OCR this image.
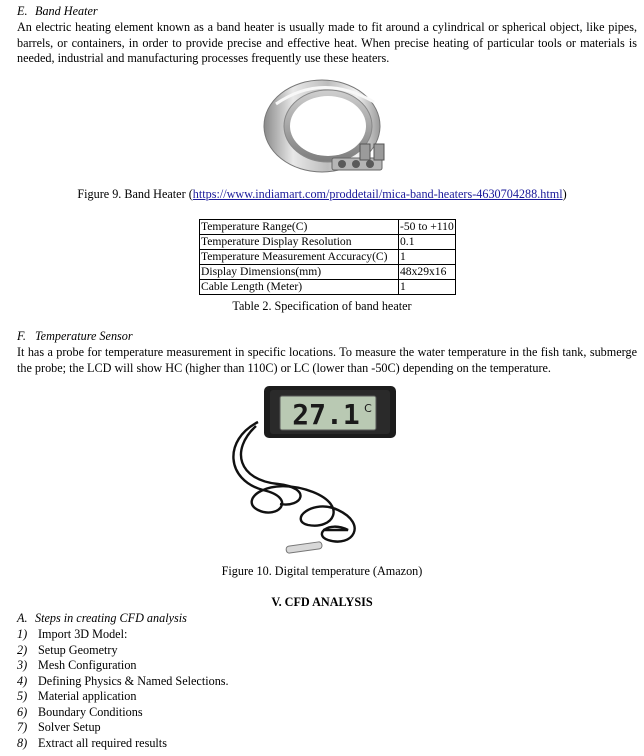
E. Band Heater
An electric heating element known as a band heater is usually made to fit around a cylindrical or spherical object, like pipes, barrels, or containers, in order to provide precise and effective heat. When precise heating of particular tools or materials is needed, industrial and manufacturing processes frequently use these heaters.
Figure 9. Band Heater (https://www.indiamart.com/proddetail/mica-band-heaters-4630704288.html)
Temperature Range(C)	-50 to +110
Temperature Display Resolution	0.1
Temperature Measurement Accuracy(C)	1
Display Dimensions(mm)	48x29x16
Cable Length (Meter)	1
Table 2. Specification of band heater
F. Temperature Sensor
It has a probe for temperature measurement in specific locations. To measure the water temperature in the fish tank, submerge the probe; the LCD will show HC (higher than 110C) or LC (lower than -50C) depending on the temperature.
27.1 C
Figure 10. Digital temperature (Amazon)
V. CFD ANALYSIS
A. Steps in creating CFD analysis
1) Import 3D Model:
2) Setup Geometry
3) Mesh Configuration
4) Defining Physics & Named Selections.
5) Material application
6) Boundary Conditions
7) Solver Setup
8) Extract all required results
